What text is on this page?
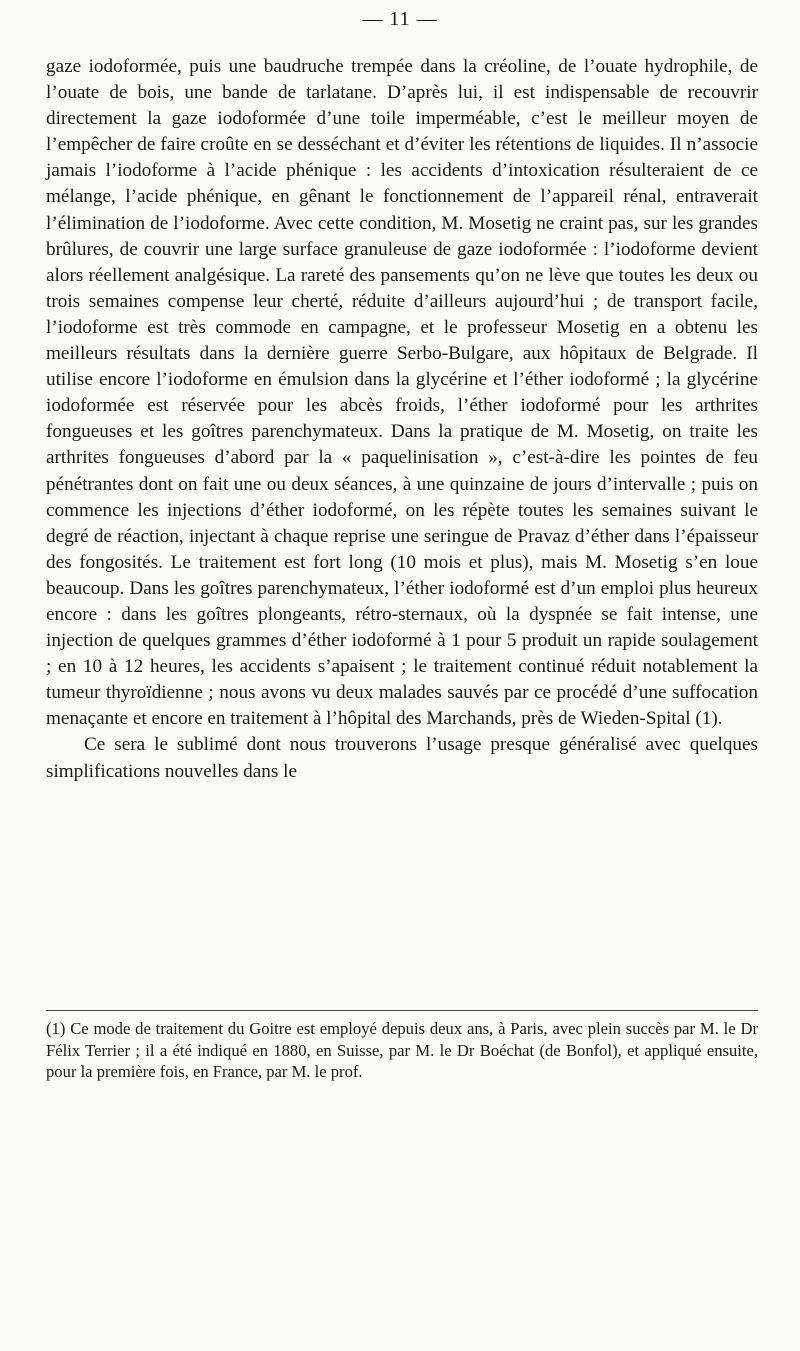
— 11 —

gaze iodoformée, puis une baudruche trempée dans la créoline, de l’ouate hydrophile, de l’ouate de bois, une bande de tarlatane. D’après lui, il est indispensable de recouvrir directement la gaze iodoformée d’une toile imperméable, c’est le meilleur moyen de l’empêcher de faire croûte en se desséchant et d’éviter les rétentions de liquides. Il n’associe jamais l’iodoforme à l’acide phénique : les accidents d’intoxication résulteraient de ce mélange, l’acide phénique, en gênant le fonctionnement de l’appareil rénal, entraverait l’élimination de l’iodoforme. Avec cette condition, M. Mosetig ne craint pas, sur les grandes brûlures, de couvrir une large surface granuleuse de gaze iodoformée : l’iodoforme devient alors réellement analgésique. La rareté des pansements qu’on ne lève que toutes les deux ou trois semaines compense leur cherté, réduite d’ailleurs aujourd’hui ; de transport facile, l’iodoforme est très commode en campagne, et le professeur Mosetig en a obtenu les meilleurs résultats dans la dernière guerre Serbo-Bulgare, aux hôpitaux de Belgrade. Il utilise encore l’iodoforme en émulsion dans la glycérine et l’éther iodoformé ; la glycérine iodoformée est réservée pour les abcès froids, l’éther iodoformé pour les arthrites fongueuses et les goîtres parenchymateux. Dans la pratique de M. Mosetig, on traite les arthrites fongueuses d’abord par la « paquelinisation », c’est-à-dire les pointes de feu pénétrantes dont on fait une ou deux séances, à une quinzaine de jours d’intervalle ; puis on commence les injections d’éther iodoformé, on les répète toutes les semaines suivant le degré de réaction, injectant à chaque reprise une seringue de Pravaz d’éther dans l’épaisseur des fongosités. Le traitement est fort long (10 mois et plus), mais M. Mosetig s’en loue beaucoup. Dans les goîtres parenchymateux, l’éther iodoformé est d’un emploi plus heureux encore : dans les goîtres plongeants, rétro-sternaux, où la dyspnée se fait intense, une injection de quelques grammes d’éther iodoformé à 1 pour 5 produit un rapide soulagement ; en 10 à 12 heures, les accidents s’apaisent ; le traitement continué réduit notablement la tumeur thyroïdienne ; nous avons vu deux malades sauvés par ce procédé d’une suffocation menaçante et encore en traitement à l’hôpital des Marchands, près de Wieden-Spital (1).

Ce sera le sublimé dont nous trouverons l’usage presque généralisé avec quelques simplifications nouvelles dans le

(1) Ce mode de traitement du Goitre est employé depuis deux ans, à Paris, avec plein succès par M. le Dr Félix Terrier ; il a été indiqué en 1880, en Suisse, par M. le Dr Boéchat (de Bonfol), et appliqué ensuite, pour la première fois, en France, par M. le prof.
